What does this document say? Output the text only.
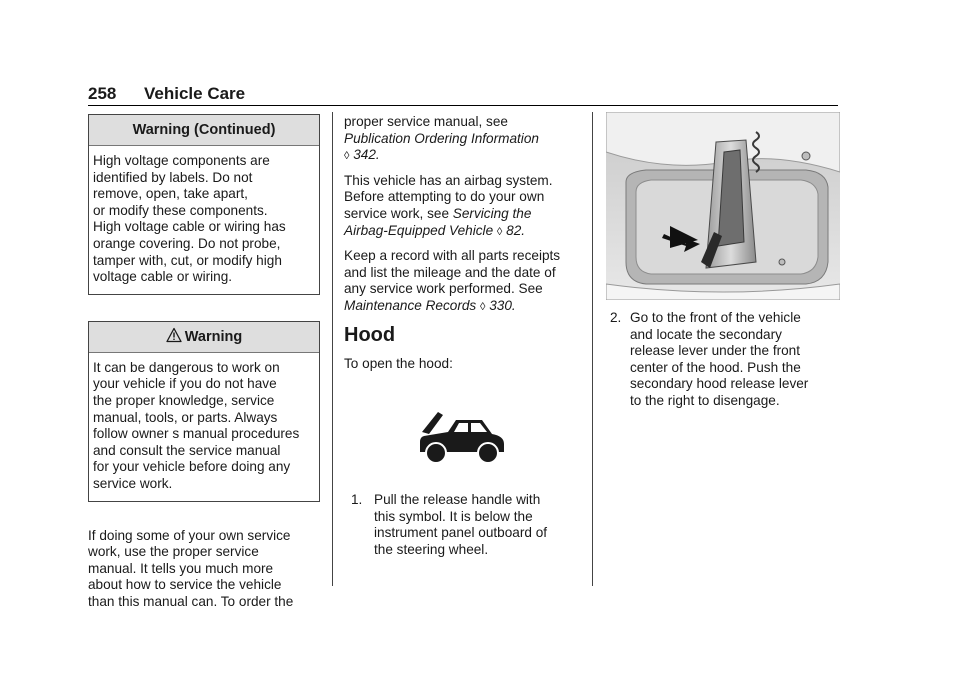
258 Vehicle Care
Warning (Continued)

High voltage components are

identified by labels. Do not

remove, open, take apart,

or modify these components.

High voltage cable or wiring has

orange covering. Do not probe,

tamper with, cut, or modify high

voltage cable or wiring.

Warning

It can be dangerous to work on

your vehicle if you do not have

the proper knowledge, service

manual, tools, or parts. Always

follow owner s manual procedures

and consult the service manual

for your vehicle before doing any

service work.

If doing some of your own service
work, use the proper service
manual. It tells you much more
about how to service the vehicle
than this manual can. To order the
proper service manual, see
Publication Ordering Information
◊ 342.
This vehicle has an airbag system.
Before attempting to do your own
service work, see Servicing the
Airbag-Equipped Vehicle ◊ 82.
Keep a record with all parts receipts
and list the mileage and the date of
any service work performed. See
Maintenance Records ◊ 330.
Hood
To open the hood:
1. Pull the release handle with
this symbol. It is below the
instrument panel outboard of
the steering wheel.
2. Go to the front of the vehicle
and locate the secondary
release lever under the front
center of the hood. Push the
secondary hood release lever
to the right to disengage.
